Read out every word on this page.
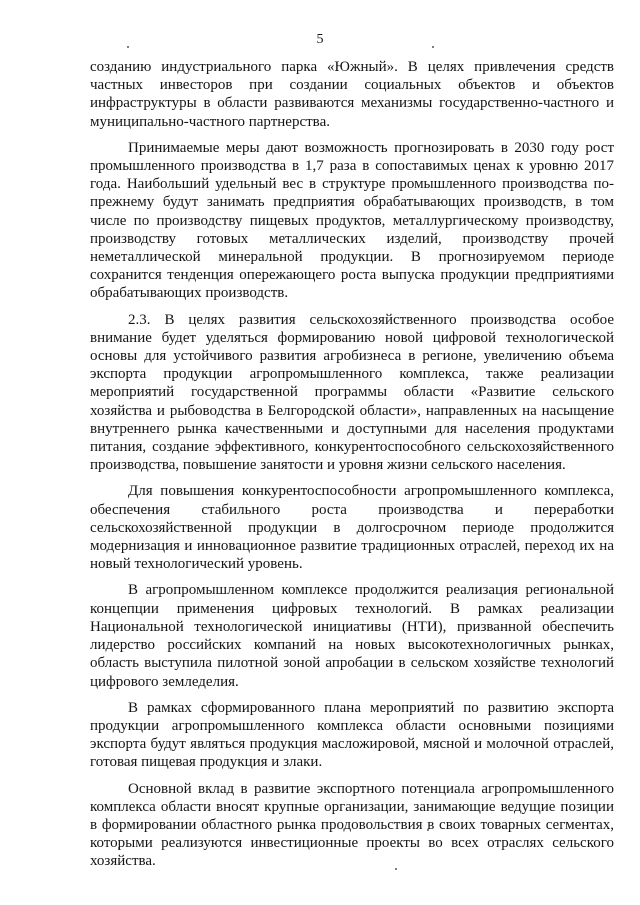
5

созданию индустриального парка «Южный». В целях привлечения средств частных инвесторов при создании социальных объектов и объектов инфраструктуры в области развиваются механизмы государственно-частного и муниципально-частного партнерства.

Принимаемые меры дают возможность прогнозировать в 2030 году рост промышленного производства в 1,7 раза в сопоставимых ценах к уровню 2017 года. Наибольший удельный вес в структуре промышленного производства по-прежнему будут занимать предприятия обрабатывающих производств, в том числе по производству пищевых продуктов, металлургическому производству, производству готовых металлических изделий, производству прочей неметаллической минеральной продукции. В прогнозируемом периоде сохранится тенденция опережающего роста выпуска продукции предприятиями обрабатывающих производств.

2.3. В целях развития сельскохозяйственного производства особое внимание будет уделяться формированию новой цифровой технологической основы для устойчивого развития агробизнеса в регионе, увеличению объема экспорта продукции агропромышленного комплекса, также реализации мероприятий государственной программы области «Развитие сельского хозяйства и рыбоводства в Белгородской области», направленных на насыщение внутреннего рынка качественными и доступными для населения продуктами питания, создание эффективного, конкурентоспособного сельскохозяйственного производства, повышение занятости и уровня жизни сельского населения.

Для повышения конкурентоспособности агропромышленного комплекса, обеспечения стабильного роста производства и переработки сельскохозяйственной продукции в долгосрочном периоде продолжится модернизация и инновационное развитие традиционных отраслей, переход их на новый технологический уровень.

В агропромышленном комплексе продолжится реализация региональной концепции применения цифровых технологий. В рамках реализации Национальной технологической инициативы (НТИ), призванной обеспечить лидерство российских компаний на новых высокотехнологичных рынках, область выступила пилотной зоной апробации в сельском хозяйстве технологий цифрового земледелия.

В рамках сформированного плана мероприятий по развитию экспорта продукции агропромышленного комплекса области основными позициями экспорта будут являться продукция масложировой, мясной и молочной отраслей, готовая пищевая продукция и злаки.

Основной вклад в развитие экспортного потенциала агропромышленного комплекса области вносят крупные организации, занимающие ведущие позиции в формировании областного рынка продовольствия в своих товарных сегментах, которыми реализуются инвестиционные проекты во всех отраслях сельского хозяйства.
